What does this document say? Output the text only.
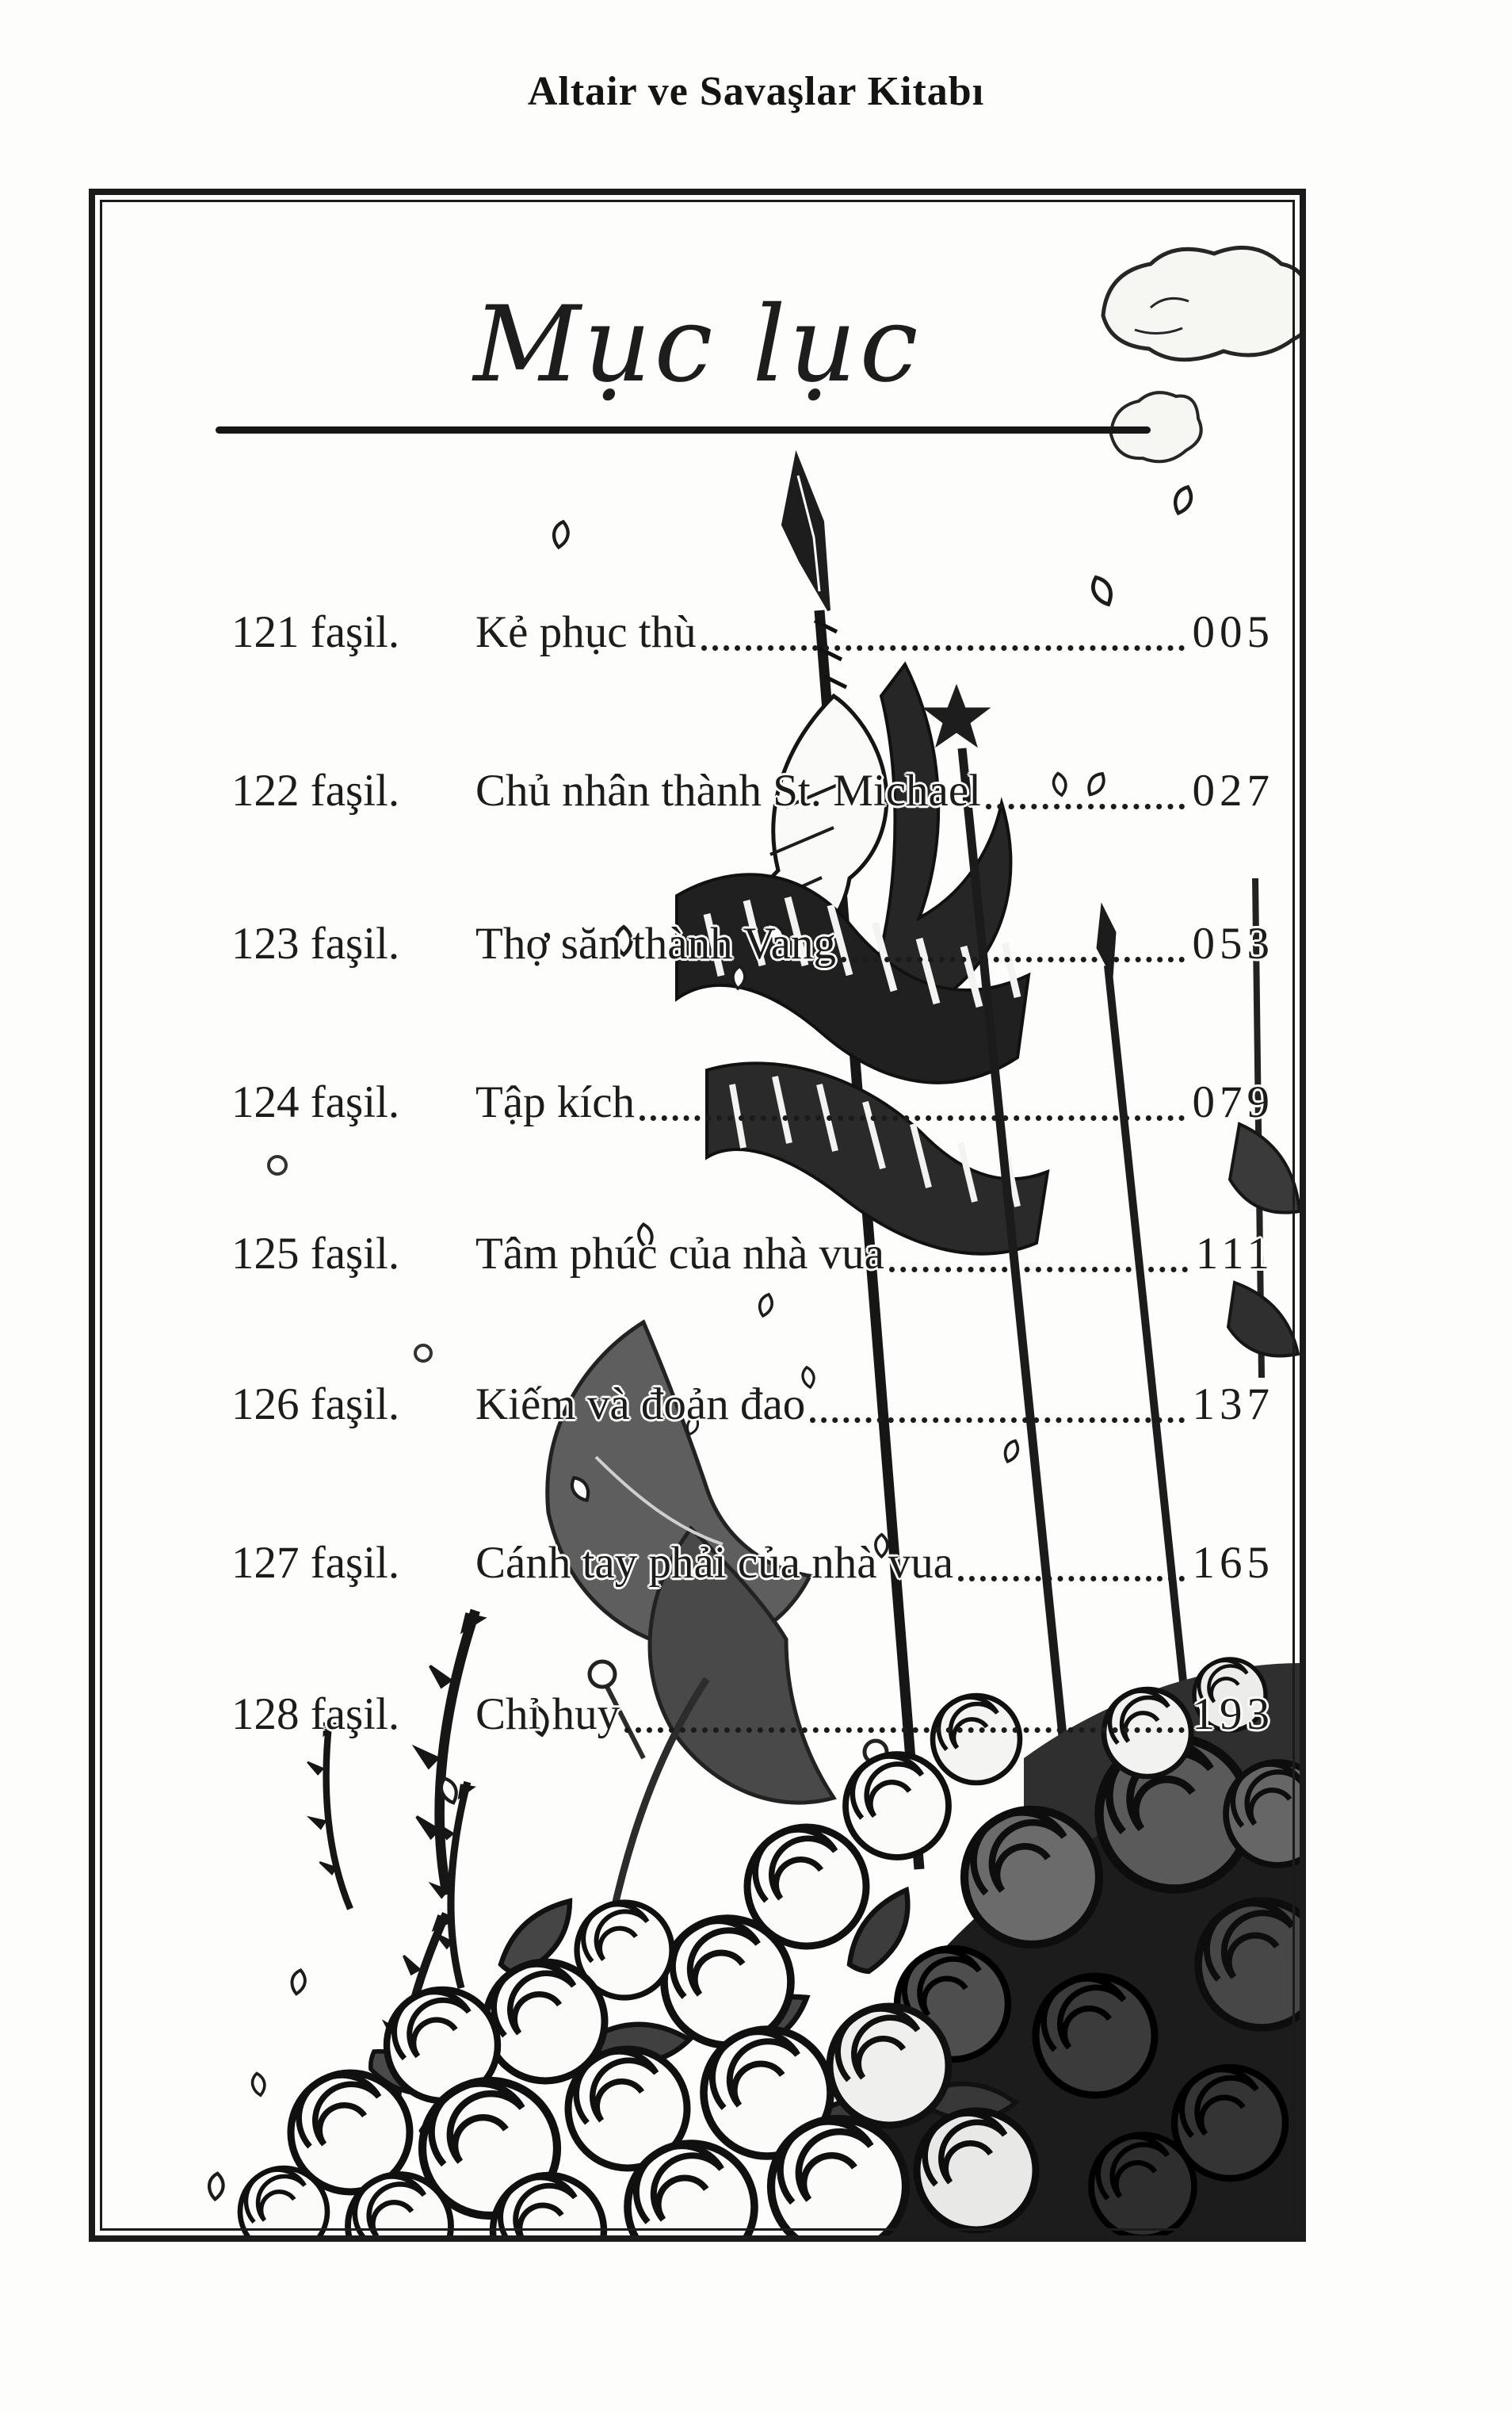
Altair ve Savaşlar Kitabı
Mục lục
121 faşil.	Kẻ phục thù	005
122 faşil.	Chủ nhân thành St. Michael	027
123 faşil.	Thợ săn thành Vang	053
124 faşil.	Tập kích	079
125 faşil.	Tâm phúc của nhà vua	111
126 faşil.	Kiếm và đoản đao	137
127 faşil.	Cánh tay phải của nhà vua	165
128 faşil.	Chỉ huy	193
